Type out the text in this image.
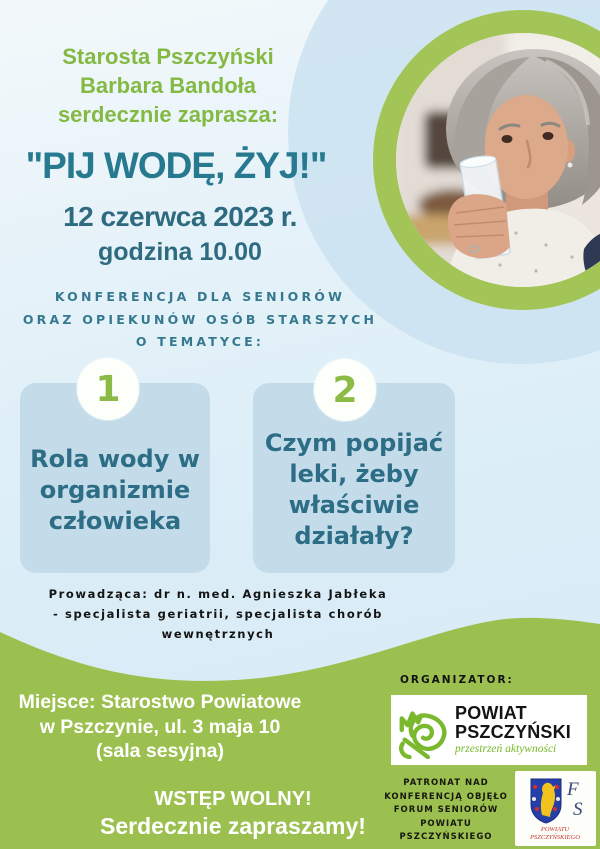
Starosta Pszczyński
Barbara Bandoła
serdecznie zaprasza:
"PIJ WODĘ, ŻYJ!"
12 czerwca 2023 r.
godzina 10.00
KONFERENCJA DLA SENIORÓW
ORAZ OPIEKUNÓW OSÓB STARSZYCH
O TEMATYCE:
Rola wody w organizmie człowieka
Czym popijać leki, żeby właściwie działały?
1	2
Prowadząca: dr n. med. Agnieszka Jabłeka
- specjalista geriatrii, specjalista chorób wewnętrznych
Miejsce: Starostwo Powiatowe
w Pszczynie, ul. 3 maja 10
(sala sesyjna)
WSTĘP WOLNY!
Serdecznie zapraszamy!
ORGANIZATOR:
POWIAT
PSZCZYŃSKI
przestrzeń aktywności
PATRONAT NAD
KONFERENCJĄ OBJĘŁO
FORUM SENIORÓW
POWIATU
PSZCZYŃSKIEGO
F
S
POWIATU
PSZCZYŃSKIEGO
